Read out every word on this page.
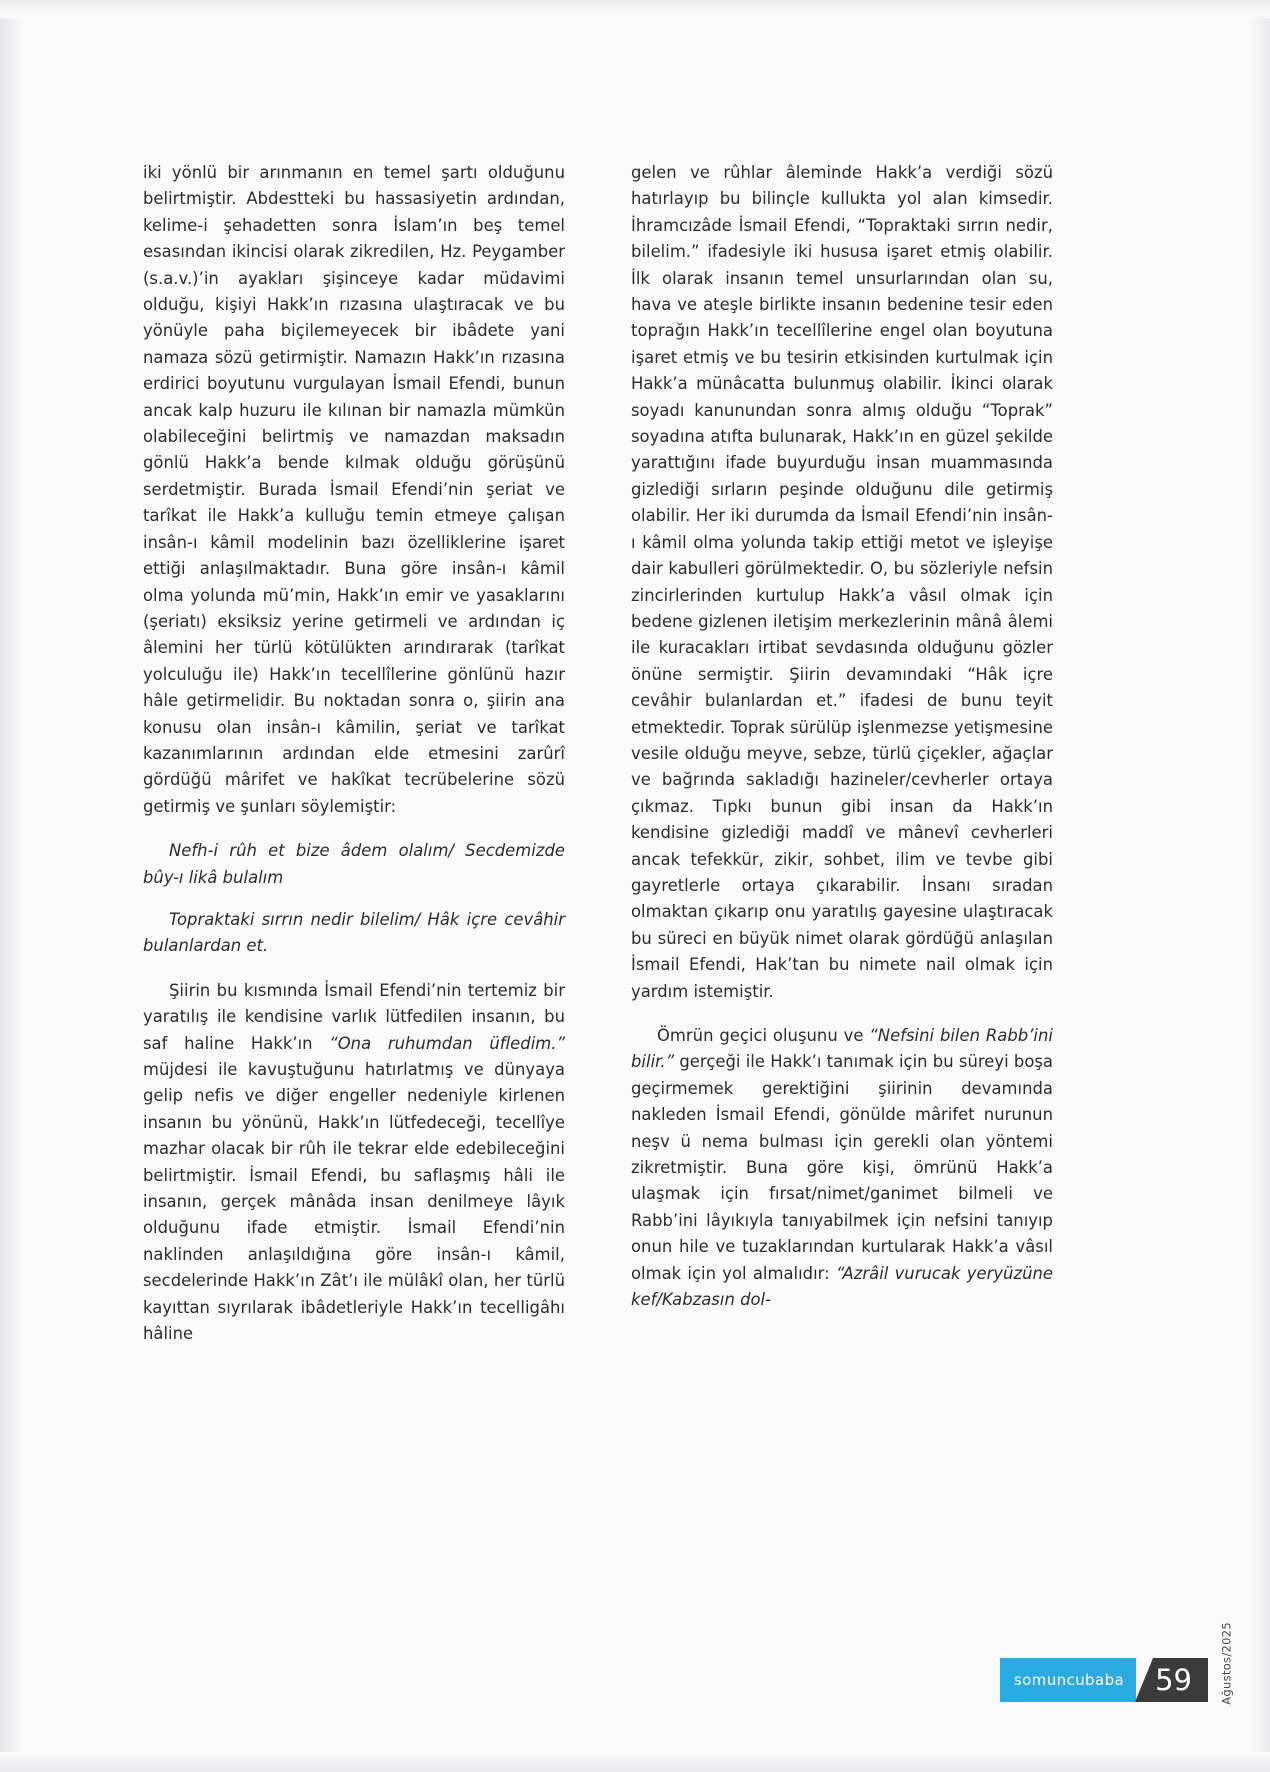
iki yönlü bir arınmanın en temel şartı olduğunu belirtmiştir. Abdestteki bu hassasiyetin ardından, kelime-i şehadetten sonra İslam’ın beş temel esasından ikincisi olarak zikredilen, Hz. Peygamber (s.a.v.)’in ayakları şişinceye kadar müdavimi olduğu, kişiyi Hakk’ın rızasına ulaştıracak ve bu yönüyle paha biçilemeyecek bir ibâdete yani namaza sözü getirmiştir. Namazın Hakk’ın rızasına erdirici boyutunu vurgulayan İsmail Efendi, bunun ancak kalp huzuru ile kılınan bir namazla mümkün olabileceğini belirtmiş ve namazdan maksadın gönlü Hakk’a bende kılmak olduğu görüşünü serdetmiştir. Burada İsmail Efendi’nin şeriat ve tarîkat ile Hakk’a kulluğu temin etmeye çalışan insân-ı kâmil modelinin bazı özelliklerine işaret ettiği anlaşılmaktadır. Buna göre insân-ı kâmil olma yolunda mü’min, Hakk’ın emir ve yasaklarını (şeriatı) eksiksiz yerine getirmeli ve ardından iç âlemini her türlü kötülükten arındırarak (tarîkat yolculuğu ile) Hakk’ın tecellîlerine gönlünü hazır hâle getirmelidir. Bu noktadan sonra o, şiirin ana konusu olan insân-ı kâmilin, şeriat ve tarîkat kazanımlarının ardından elde etmesini zarûrî gördüğü mârifet ve hakîkat tecrübelerine sözü getirmiş ve şunları söylemiştir:

Nefh-i rûh et bize âdem olalım/ Secdemizde bûy-ı likâ bulalım

Topraktaki sırrın nedir bilelim/ Hâk içre cevâhir bulanlardan et.

Şiirin bu kısmında İsmail Efendi’nin tertemiz bir yaratılış ile kendisine varlık lütfedilen insanın, bu saf haline Hakk’ın “Ona ruhumdan üfledim.” müjdesi ile kavuştuğunu hatırlatmış ve dünyaya gelip nefis ve diğer engeller nedeniyle kirlenen insanın bu yönünü, Hakk’ın lütfedeceği, tecellîye mazhar olacak bir rûh ile tekrar elde edebileceğini belirtmiştir. İsmail Efendi, bu saflaşmış hâli ile insanın, gerçek mânâda insan denilmeye lâyık olduğunu ifade etmiştir. İsmail Efendi’nin naklinden anlaşıldığına göre insân-ı kâmil, secdelerinde Hakk’ın Zât’ı ile mülâkî olan, her türlü kayıttan sıyrılarak ibâdetleriyle Hakk’ın tecelligâhı hâline

gelen ve rûhlar âleminde Hakk’a verdiği sözü hatırlayıp bu bilinçle kullukta yol alan kimsedir. İhramcızâde İsmail Efendi, “Topraktaki sırrın nedir, bilelim.” ifadesiyle iki hususa işaret etmiş olabilir. İlk olarak insanın temel unsurlarından olan su, hava ve ateşle birlikte insanın bedenine tesir eden toprağın Hakk’ın tecellîlerine engel olan boyutuna işaret etmiş ve bu tesirin etkisinden kurtulmak için Hakk’a münâcatta bulunmuş olabilir. İkinci olarak soyadı kanunundan sonra almış olduğu “Toprak” soyadına atıfta bulunarak, Hakk’ın en güzel şekilde yarattığını ifade buyurduğu insan muammasında gizlediği sırların peşinde olduğunu dile getirmiş olabilir. Her iki durumda da İsmail Efendi’nin insân-ı kâmil olma yolunda takip ettiği metot ve işleyişe dair kabulleri görülmektedir. O, bu sözleriyle nefsin zincirlerinden kurtulup Hakk’a vâsıl olmak için bedene gizlenen iletişim merkezlerinin mânâ âlemi ile kuracakları irtibat sevdasında olduğunu gözler önüne sermiştir. Şiirin devamındaki “Hâk içre cevâhir bulanlardan et.” ifadesi de bunu teyit etmektedir. Toprak sürülüp işlenmezse yetişmesine vesile olduğu meyve, sebze, türlü çiçekler, ağaçlar ve bağrında sakladığı hazineler/cevherler ortaya çıkmaz. Tıpkı bunun gibi insan da Hakk’ın kendisine gizlediği maddî ve mânevî cevherleri ancak tefekkür, zikir, sohbet, ilim ve tevbe gibi gayretlerle ortaya çıkarabilir. İnsanı sıradan olmaktan çıkarıp onu yaratılış gayesine ulaştıracak bu süreci en büyük nimet olarak gördüğü anlaşılan İsmail Efendi, Hak’tan bu nimete nail olmak için yardım istemiştir.

Ömrün geçici oluşunu ve “Nefsini bilen Rabb’ini bilir.” gerçeği ile Hakk’ı tanımak için bu süreyi boşa geçirmemek gerektiğini şiirinin devamında nakleden İsmail Efendi, gönülde mârifet nurunun neşv ü nema bulması için gerekli olan yöntemi zikretmiştir. Buna göre kişi, ömrünü Hakk’a ulaşmak için fırsat/nimet/ganimet bilmeli ve Rabb’ini lâyıkıyla tanıyabilmek için nefsini tanıyıp onun hile ve tuzaklarından kurtularak Hakk’a vâsıl olmak için yol almalıdır: “Azrâil vurucak yeryüzüne kef/Kabzasın dol-

Ağustos/2025
somuncubaba	59
